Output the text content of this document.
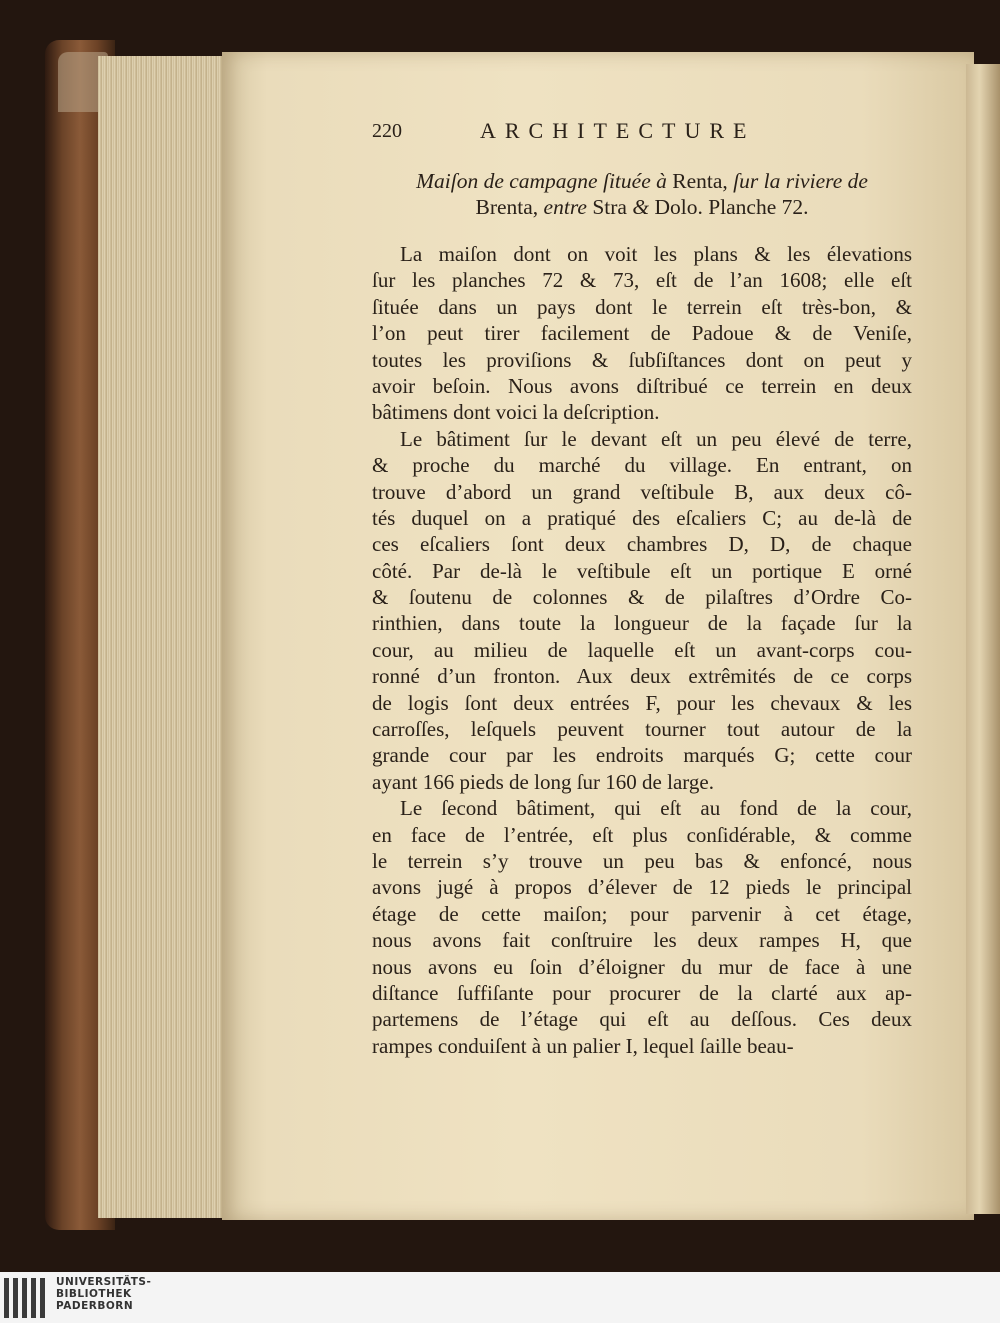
220	ARCHITECTURE
Maiſon de campagne ſituée à Renta, ſur la riviere de
Brenta, entre Stra & Dolo. Planche 72.
La maiſon dont on voit les plans & les élevations
ſur les planches 72 & 73, eſt de l’an 1608; elle eſt
ſituée dans un pays dont le terrein eſt très-bon, &
l’on peut tirer facilement de Padoue & de Veniſe,
toutes les proviſions & ſubſiſtances dont on peut y
avoir beſoin. Nous avons diſtribué ce terrein en deux
bâtimens dont voici la deſcription.
Le bâtiment ſur le devant eſt un peu élevé de terre,
& proche du marché du village. En entrant, on
trouve d’abord un grand veſtibule B, aux deux cô-
tés duquel on a pratiqué des eſcaliers C; au de-là de
ces eſcaliers ſont deux chambres D, D, de chaque
côté. Par de-là le veſtibule eſt un portique E orné
& ſoutenu de colonnes & de pilaſtres d’Ordre Co-
rinthien, dans toute la longueur de la façade ſur la
cour, au milieu de laquelle eſt un avant-corps cou-
ronné d’un fronton. Aux deux extrêmités de ce corps
de logis ſont deux entrées F, pour les chevaux & les
carroſſes, leſquels peuvent tourner tout autour de la
grande cour par les endroits marqués G; cette cour
ayant 166 pieds de long ſur 160 de large.
Le ſecond bâtiment, qui eſt au fond de la cour,
en face de l’entrée, eſt plus conſidérable, & comme
le terrein s’y trouve un peu bas & enfoncé, nous
avons jugé à propos d’élever de 12 pieds le principal
étage de cette maiſon; pour parvenir à cet étage,
nous avons fait conſtruire les deux rampes H, que
nous avons eu ſoin d’éloigner du mur de face à une
diſtance ſuffiſante pour procurer de la clarté aux ap-
partemens de l’étage qui eſt au deſſous. Ces deux
rampes conduiſent à un palier I, lequel ſaille beau-
UNIVERSITÄTS-
BIBLIOTHEK
PADERBORN
